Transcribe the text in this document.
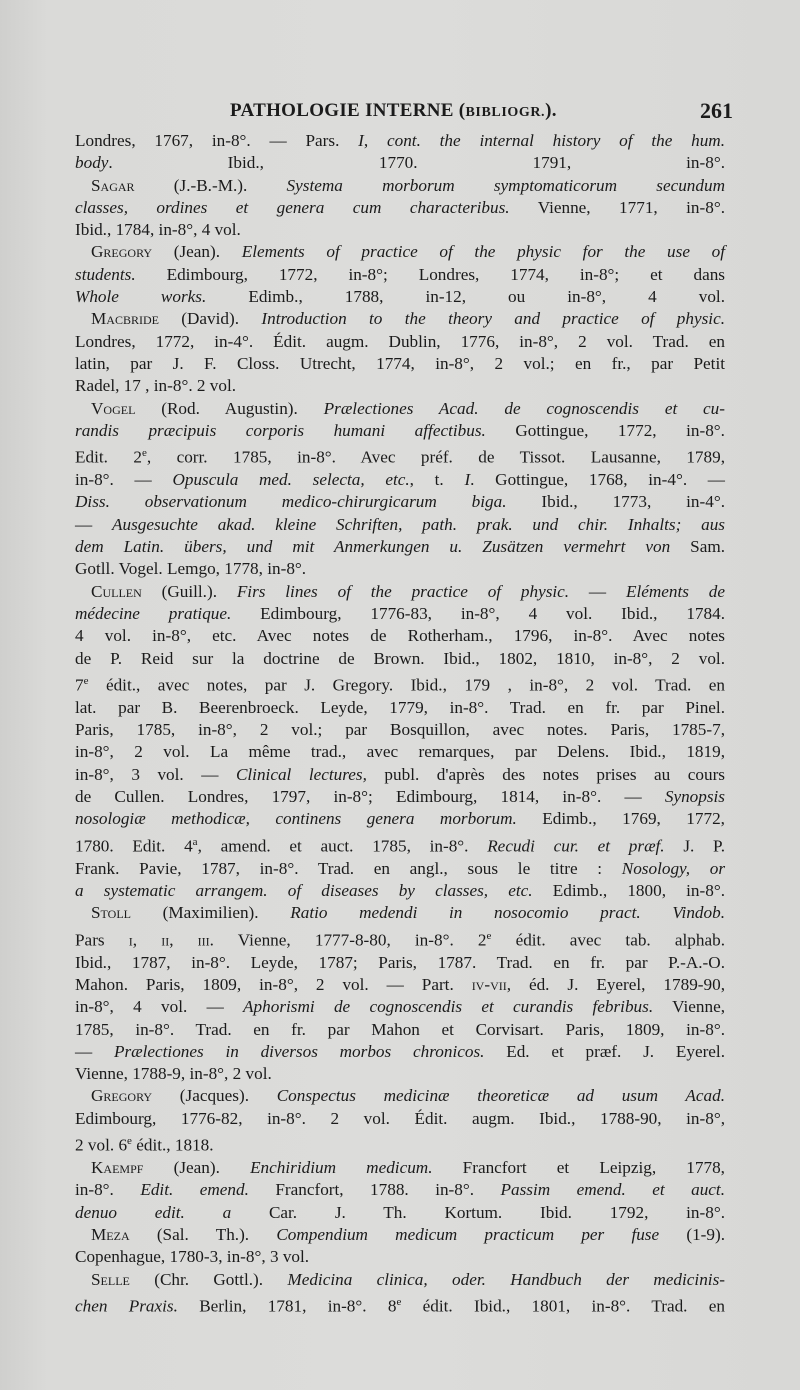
PATHOLOGIE INTERNE (BIBLIOGR.).	261
Londres, 1767, in-8°. — Pars. I, cont. the internal history of the hum.
body. Ibid., 1770. 1791, in-8°.
Sagar (J.-B.-M.). Systema morborum symptomaticorum secundum
classes, ordines et genera cum characteribus. Vienne, 1771, in-8°.
Ibid., 1784, in-8°, 4 vol.
Gregory (Jean). Elements of practice of the physic for the use of
students. Edimbourg, 1772, in-8°; Londres, 1774, in-8°; et dans
Whole works. Edimb., 1788, in-12, ou in-8°, 4 vol.
Macbride (David). Introduction to the theory and practice of physic.
Londres, 1772, in-4°. Édit. augm. Dublin, 1776, in-8°, 2 vol. Trad. en
latin, par J. F. Closs. Utrecht, 1774, in-8°, 2 vol.; en fr., par Petit
Radel, 17 , in-8°. 2 vol.
Vogel (Rod. Augustin). Prælectiones Acad. de cognoscendis et cu-
randis præcipuis corporis humani affectibus. Gottingue, 1772, in-8°.
Edit. 2e, corr. 1785, in-8°. Avec préf. de Tissot. Lausanne, 1789,
in-8°. — Opuscula med. selecta, etc., t. I. Gottingue, 1768, in-4°. —
Diss. observationum medico-chirurgicarum biga. Ibid., 1773, in-4°.
— Ausgesuchte akad. kleine Schriften, path. prak. und chir. Inhalts; aus
dem Latin. übers, und mit Anmerkungen u. Zusätzen vermehrt von Sam.
Gotll. Vogel. Lemgo, 1778, in-8°.
Cullen (Guill.). Firs lines of the practice of physic. — Eléments de
médecine pratique. Edimbourg, 1776-83, in-8°, 4 vol. Ibid., 1784.
4 vol. in-8°, etc. Avec notes de Rotherham., 1796, in-8°. Avec notes
de P. Reid sur la doctrine de Brown. Ibid., 1802, 1810, in-8°, 2 vol.
7e édit., avec notes, par J. Gregory. Ibid., 179 , in-8°, 2 vol. Trad. en
lat. par B. Beerenbroeck. Leyde, 1779, in-8°. Trad. en fr. par Pinel.
Paris, 1785, in-8°, 2 vol.; par Bosquillon, avec notes. Paris, 1785-7,
in-8°, 2 vol. La même trad., avec remarques, par Delens. Ibid., 1819,
in-8°, 3 vol. — Clinical lectures, publ. d'après des notes prises au cours
de Cullen. Londres, 1797, in-8°; Edimbourg, 1814, in-8°. — Synopsis
nosologiæ methodicæ, continens genera morborum. Edimb., 1769, 1772,
1780. Edit. 4$^a$, amend. et auct. 1785, in-8°. Recudi cur. et præf. J. P.
Frank. Pavie, 1787, in-8°. Trad. en angl., sous le titre : Nosology, or
a systematic arrangem. of diseases by classes, etc. Edimb., 1800, in-8°.
Stoll (Maximilien). Ratio medendi in nosocomio pract. Vindob.
Pars i, ii, iii. Vienne, 1777-8-80, in-8°. 2e édit. avec tab. alphab.
Ibid., 1787, in-8°. Leyde, 1787; Paris, 1787. Trad. en fr. par P.-A.-O.
Mahon. Paris, 1809, in-8°, 2 vol. — Part. iv-vii, éd. J. Eyerel, 1789-90,
in-8°, 4 vol. — Aphorismi de cognoscendis et curandis febribus. Vienne,
1785, in-8°. Trad. en fr. par Mahon et Corvisart. Paris, 1809, in-8°.
— Prælectiones in diversos morbos chronicos. Ed. et præf. J. Eyerel.
Vienne, 1788-9, in-8°, 2 vol.
Gregory (Jacques). Conspectus medicinæ theoreticæ ad usum Acad.
Edimbourg, 1776-82, in-8°. 2 vol. Édit. augm. Ibid., 1788-90, in-8°,
2 vol. 6e édit., 1818.
Kaempf (Jean). Enchiridium medicum. Francfort et Leipzig, 1778,
in-8°. Edit. emend. Francfort, 1788. in-8°. Passim emend. et auct.
denuo edit. a Car. J. Th. Kortum. Ibid. 1792, in-8°.
Meza (Sal. Th.). Compendium medicum practicum per fuse (1-9).
Copenhague, 1780-3, in-8°, 3 vol.
Selle (Chr. Gottl.). Medicina clinica, oder. Handbuch der medicinis-
chen Praxis. Berlin, 1781, in-8°. 8e édit. Ibid., 1801, in-8°. Trad. en
